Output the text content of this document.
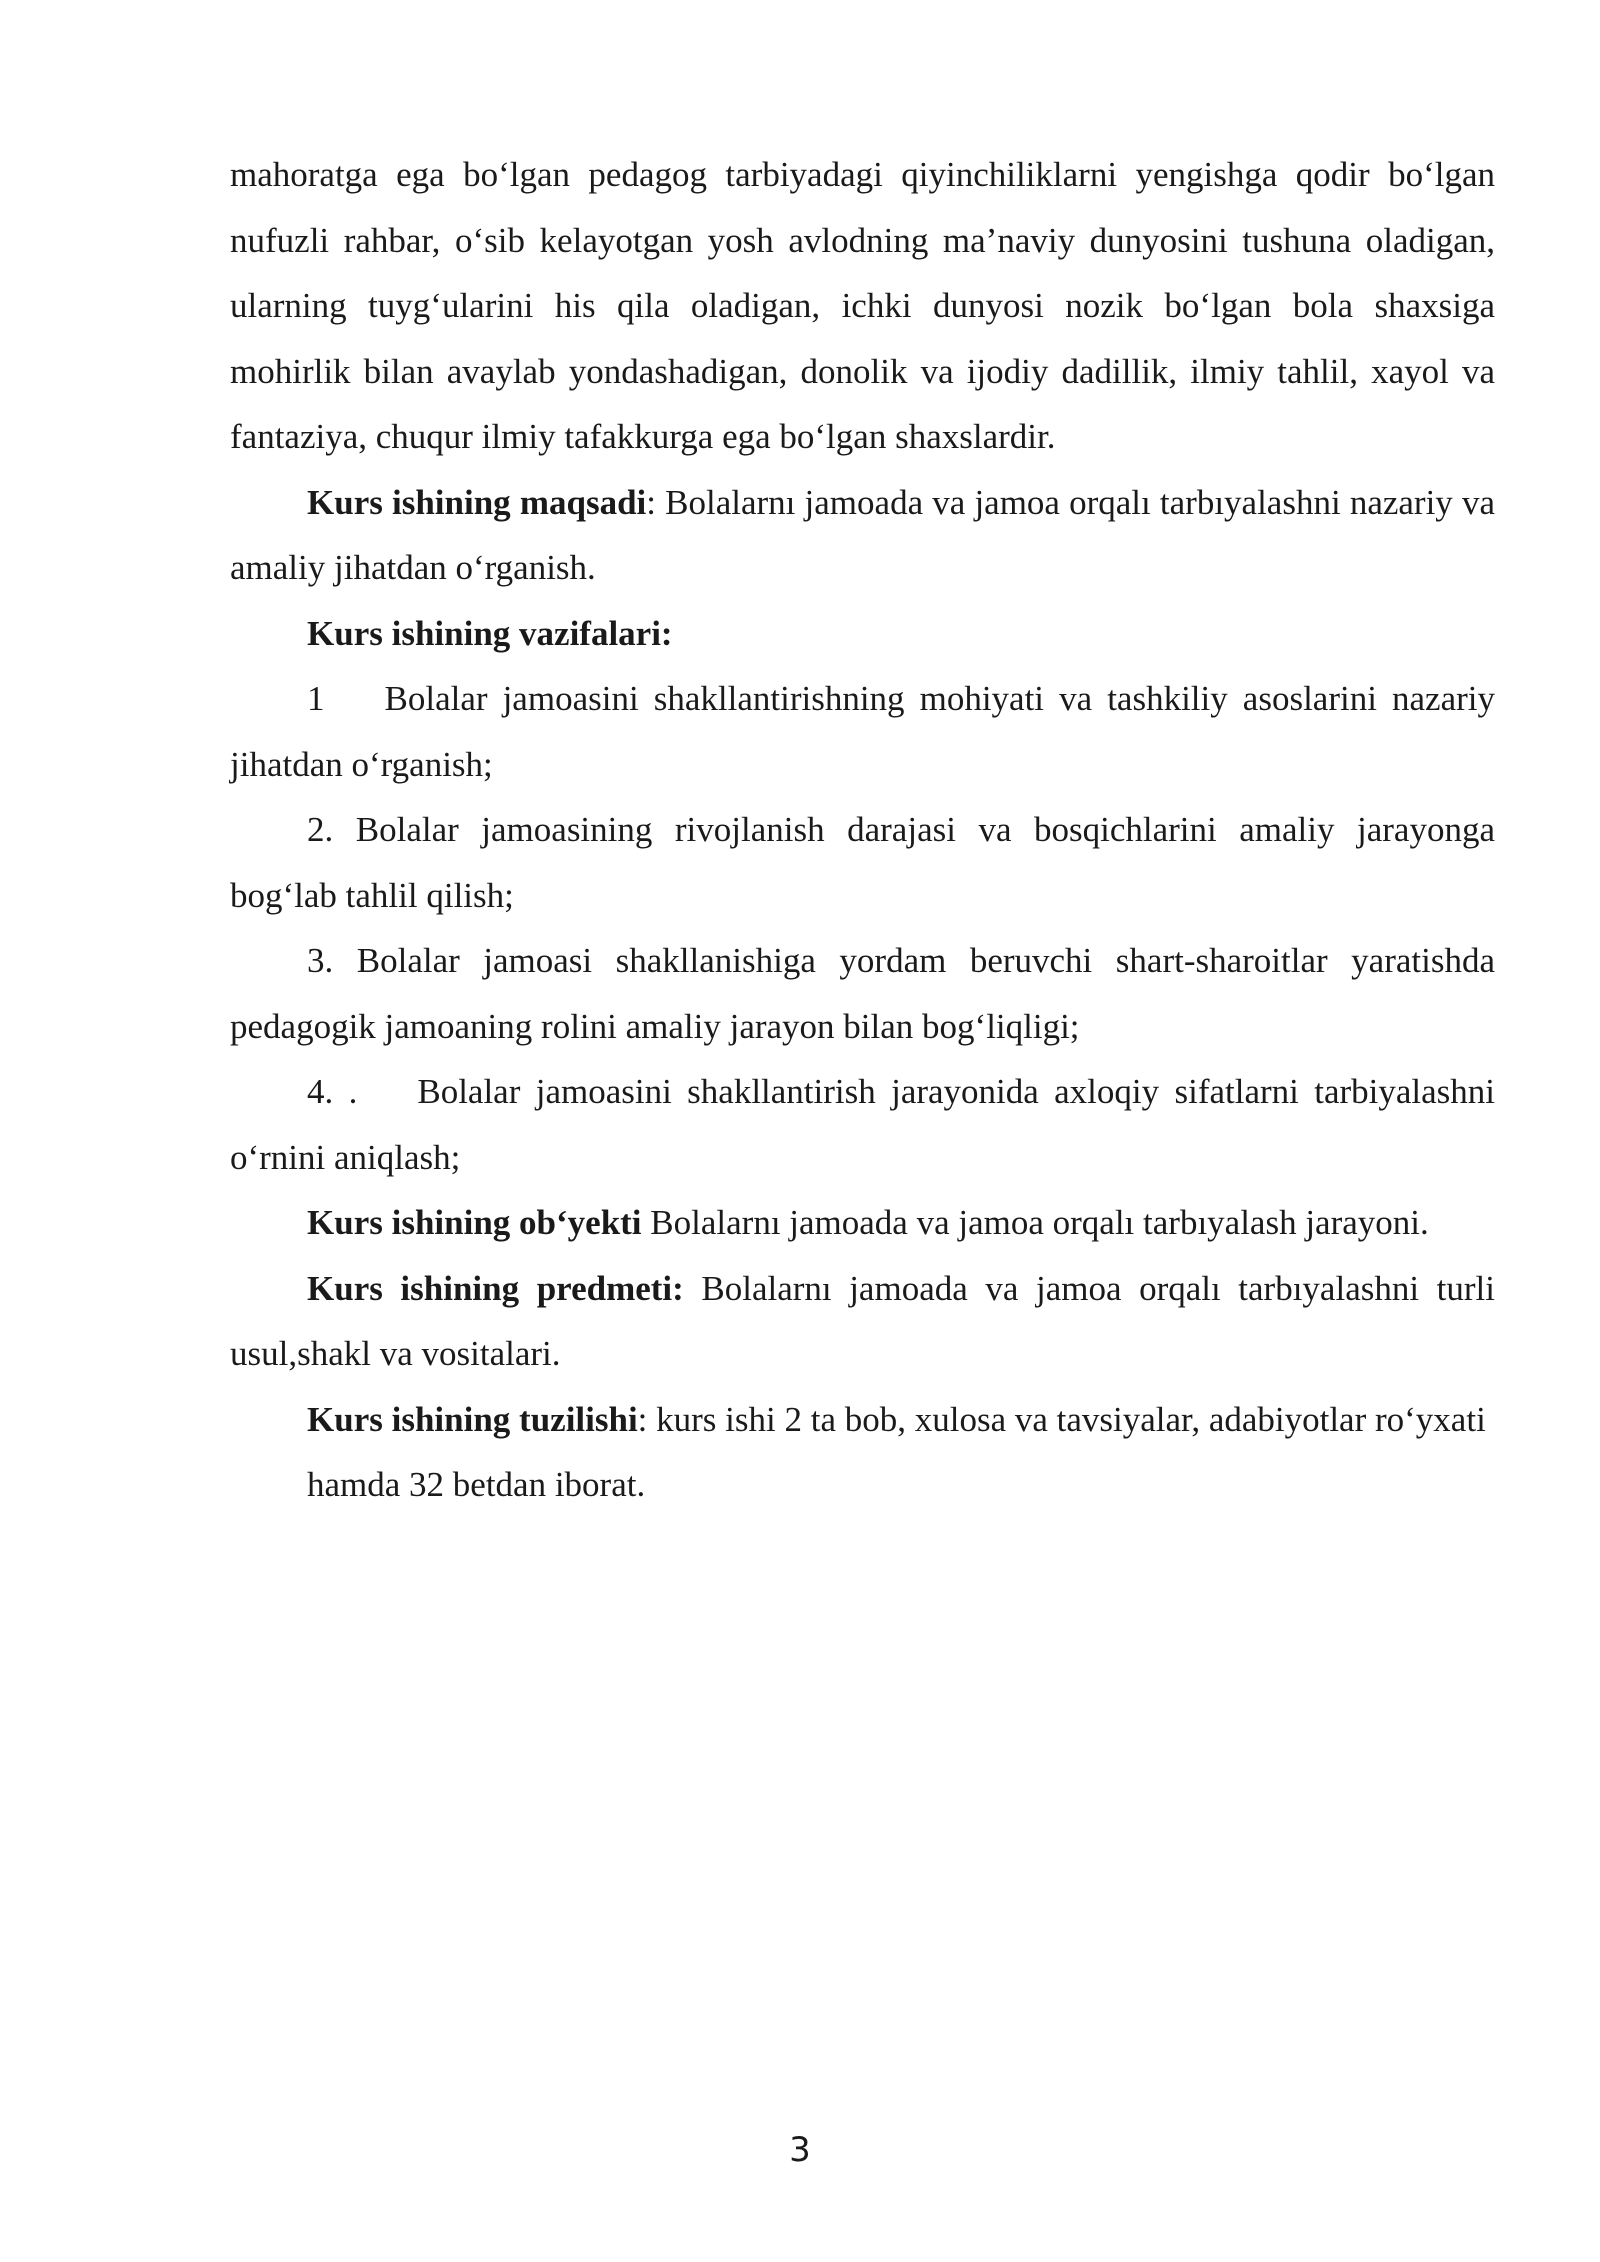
mahoratga ega bo‘lgan pedagog tarbiyadagi qiyinchiliklarni yengishga qodir bo‘lgan nufuzli rahbar, o‘sib kelayotgan yosh avlodning ma’naviy dunyosini tushuna oladigan, ularning tuyg‘ularini his qila oladigan, ichki dunyosi nozik bo‘lgan bola shaxsiga mohirlik bilan avaylab yondashadigan, donolik va ijodiy dadillik, ilmiy tahlil, xayol va fantaziya, chuqur ilmiy tafakkurga ega bo‘lgan shaxslardir.

Kurs ishining maqsadi: Bolalarnı jamoada va jamoa orqalı tarbıyalashni nazariy va amaliy jihatdan o‘rganish.

Kurs ishining vazifalari:

1 Bolalar jamoasini shakllantirishning mohiyati va tashkiliy asoslarini nazariy jihatdan o‘rganish;

2. Bolalar jamoasining rivojlanish darajasi va bosqichlarini amaliy jarayonga bog‘lab tahlil qilish;

3. Bolalar jamoasi shakllanishiga yordam beruvchi shart-sharoitlar yaratishda pedagogik jamoaning rolini amaliy jarayon bilan bog‘liqligi;

4. . Bolalar jamoasini shakllantirish jarayonida axloqiy sifatlarni tarbiyalashni o‘rnini aniqlash;

Kurs ishining ob‘yekti Bolalarnı jamoada va jamoa orqalı tarbıyalash jarayoni.

Kurs ishining predmeti: Bolalarnı jamoada va jamoa orqalı tarbıyalashni turli usul,shakl va vositalari.

Kurs ishining tuzilishi: kurs ishi 2 ta bob, xulosa va tavsiyalar, adabiyotlar ro‘yxati hamda 32 betdan iborat.

3
